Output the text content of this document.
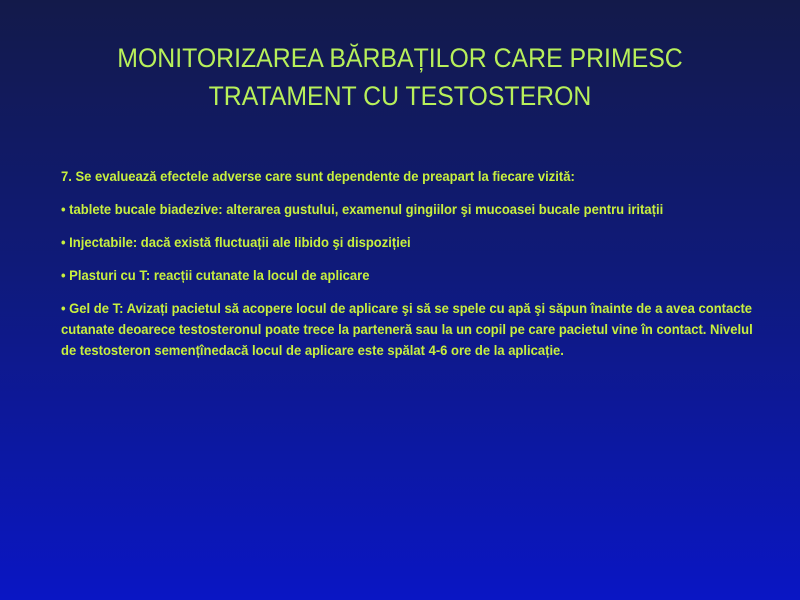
MONITORIZAREA BĂRBAȚILOR CARE PRIMESC
TRATAMENT CU TESTOSTERON

7. Se evaluează efectele adverse care sunt dependente de preapart la fiecare vizită:

• tablete bucale biadezive: alterarea gustului, examenul gingiilor şi mucoasei bucale pentru iritații

• Injectabile: dacă există fluctuații ale libido şi dispoziției

• Plasturi cu T: reacții cutanate la locul de aplicare

• Gel de T: Avizați pacietul să acopere locul de aplicare şi să se spele cu apă şi săpun înainte de a avea contacte cutanate deoarece testosteronul poate trece la parteneră sau la un copil pe care pacietul vine în contact. Nivelul de testosteron semențînedacă locul de aplicare este spălat 4-6 ore de la aplicație.
